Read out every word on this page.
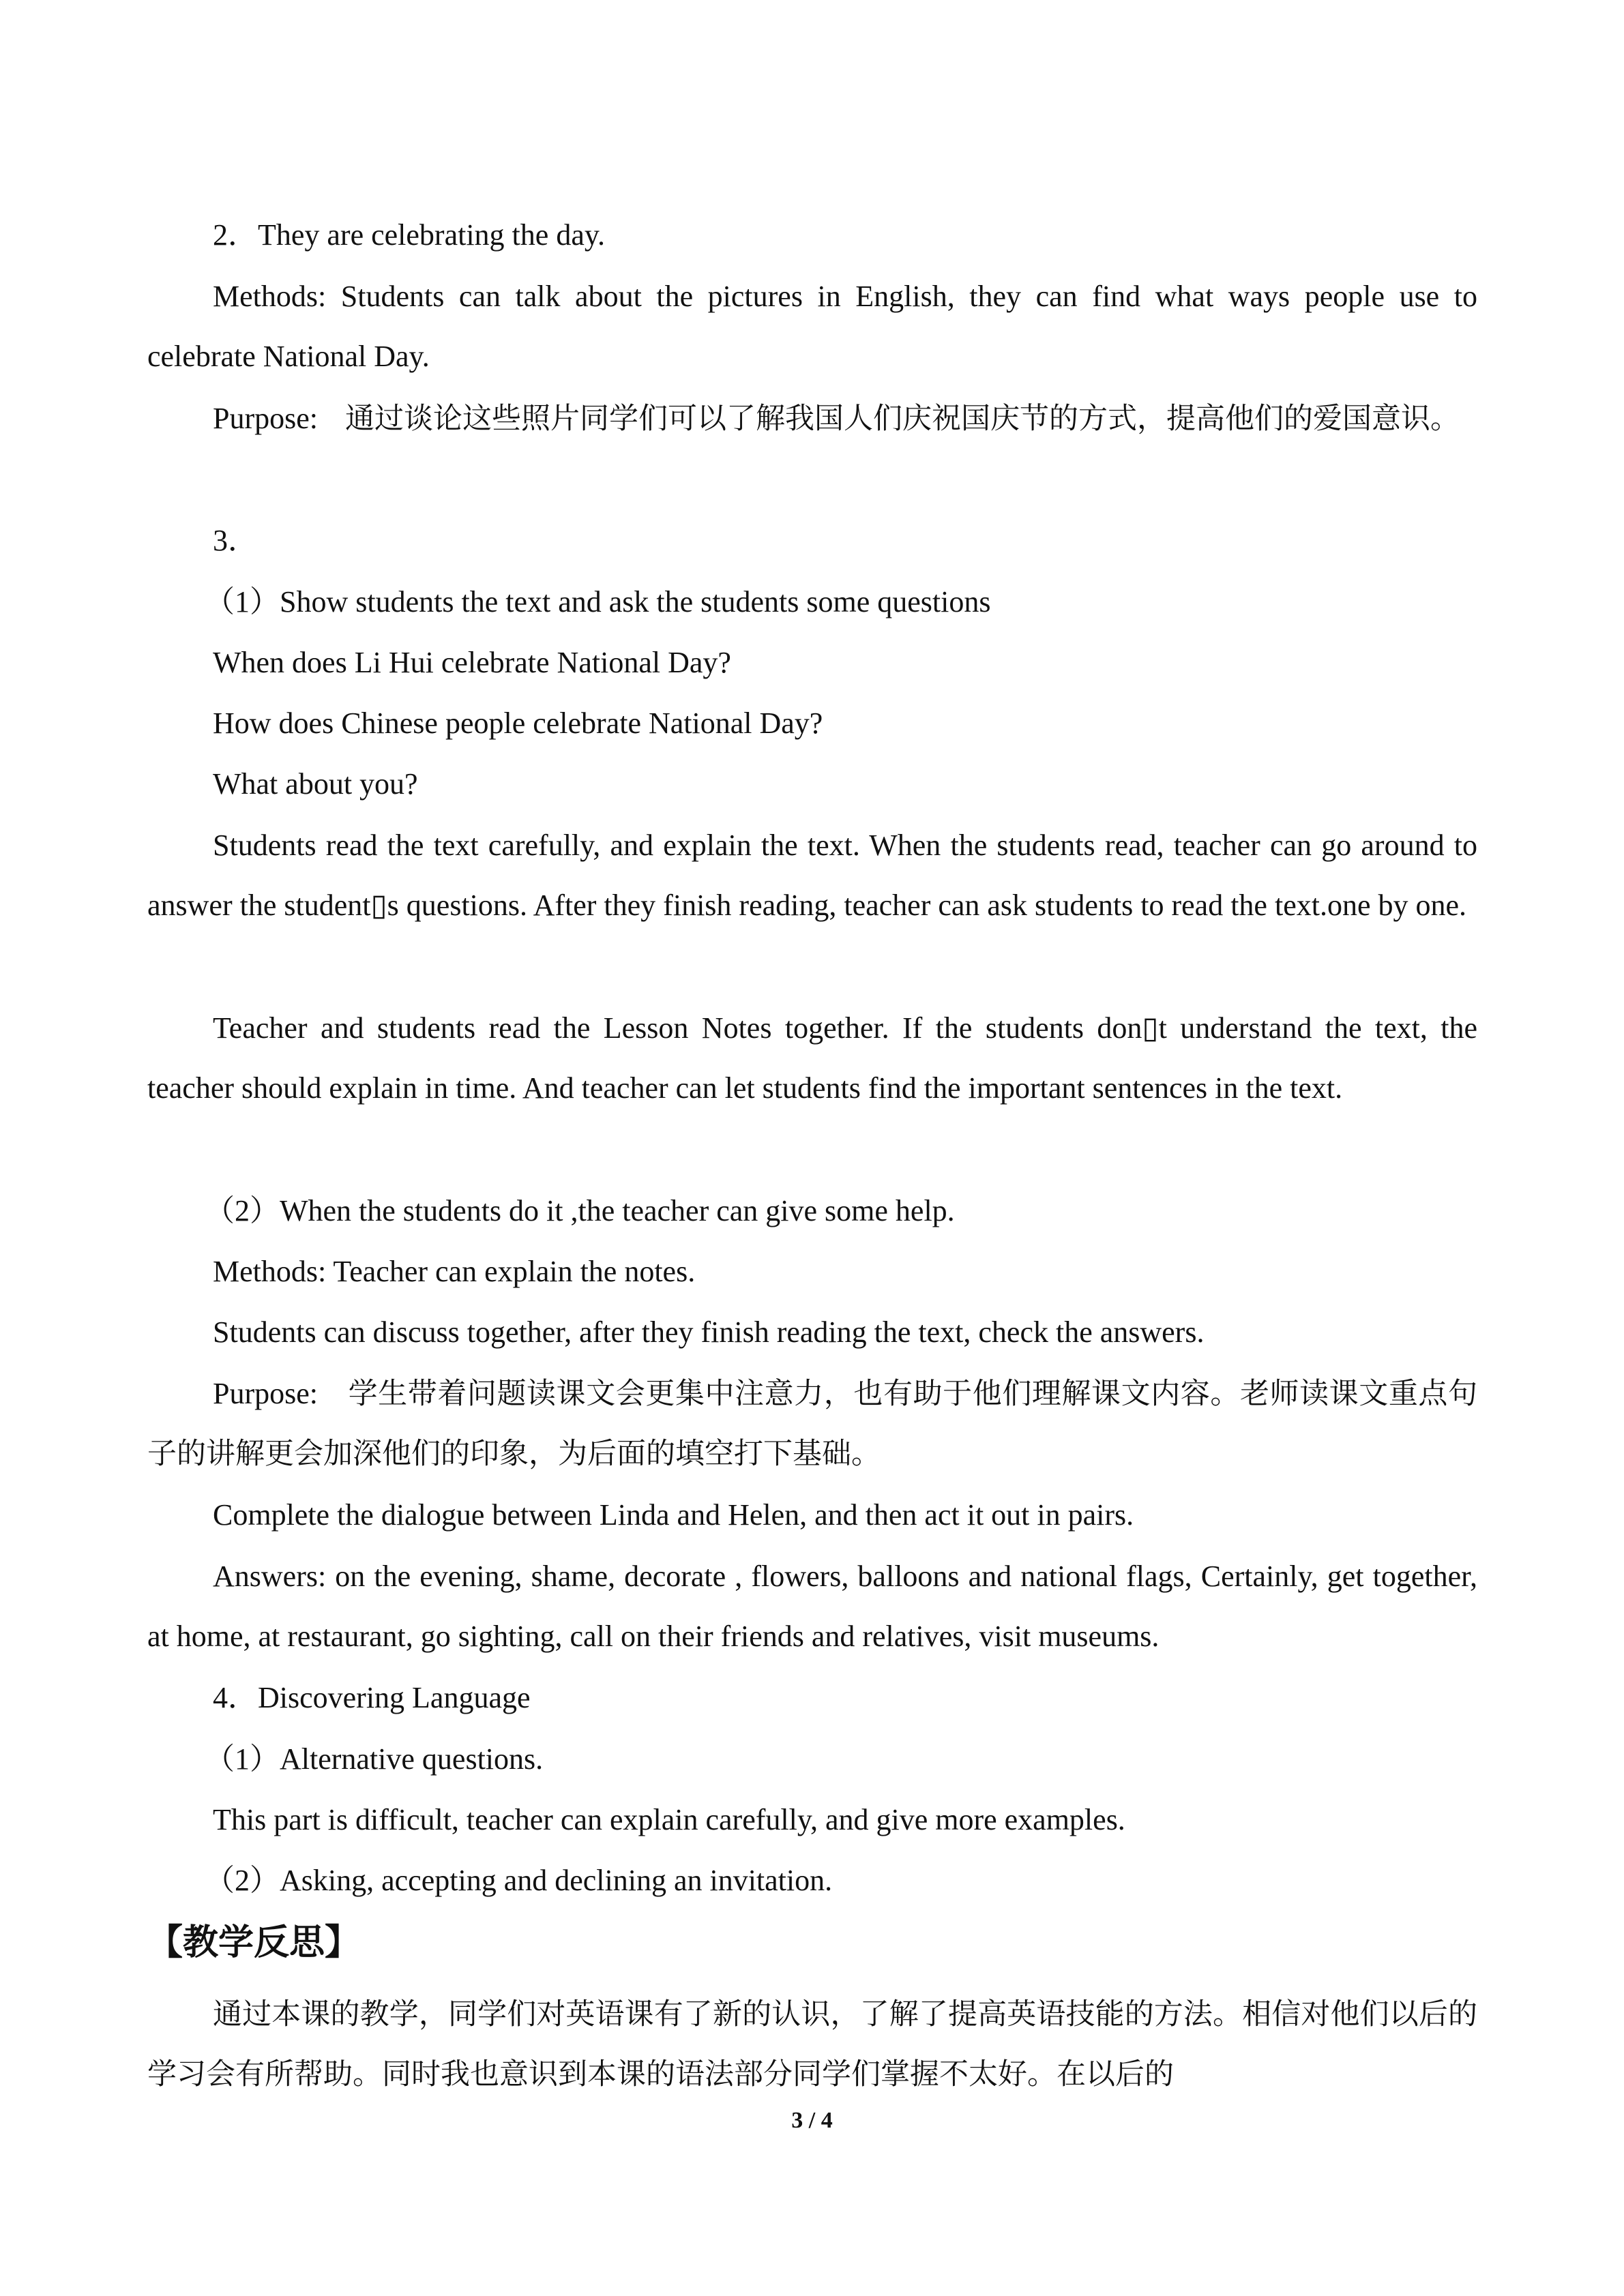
2．They are celebrating the day.

Methods: Students can talk about the pictures in English, they can find what ways people use to celebrate National Day.

Purpose: 通过谈论这些照片同学们可以了解我国人们庆祝国庆节的方式，提高他们的爱国意识。

3．

（1）Show students the text and ask the students some questions

When does Li Hui celebrate National Day?

How does Chinese people celebrate National Day?

What about you?

Students read the text carefully, and explain the text. When the students read, teacher can go around to answer the student▯s questions. After they finish reading, teacher can ask students to read the text.one by one.

Teacher and students read the Lesson Notes together. If the students don▯t understand the text, the teacher should explain in time. And teacher can let students find the important sentences in the text.

（2）When the students do it ,the teacher can give some help.

Methods: Teacher can explain the notes.

Students can discuss together, after they finish reading the text, check the answers.

Purpose: 学生带着问题读课文会更集中注意力，也有助于他们理解课文内容。老师读课文重点句子的讲解更会加深他们的印象，为后面的填空打下基础。

Complete the dialogue between Linda and Helen, and then act it out in pairs.

Answers: on the evening, shame, decorate , flowers, balloons and national flags, Certainly, get together, at home, at restaurant, go sighting, call on their friends and relatives, visit museums.

4．Discovering Language

（1）Alternative questions.

This part is difficult, teacher can explain carefully, and give more examples.

（2）Asking, accepting and declining an invitation.

【教学反思】

通过本课的教学，同学们对英语课有了新的认识，了解了提高英语技能的方法。相信对他们以后的学习会有所帮助。同时我也意识到本课的语法部分同学们掌握不太好。在以后的

3 / 4
